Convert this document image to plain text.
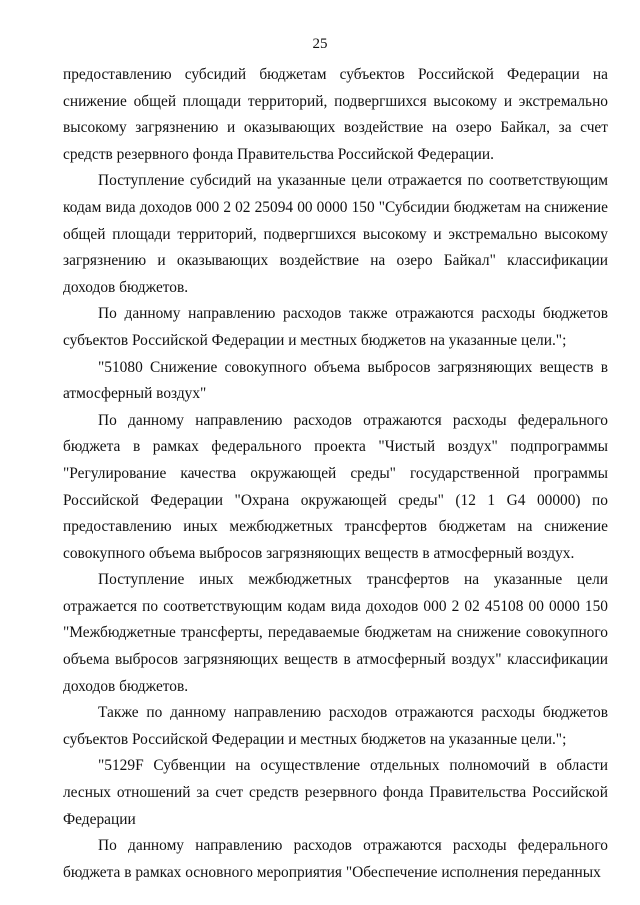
25

предоставлению субсидий бюджетам субъектов Российской Федерации на снижение общей площади территорий, подвергшихся высокому и экстремально высокому загрязнению и оказывающих воздействие на озеро Байкал, за счет средств резервного фонда Правительства Российской Федерации.

Поступление субсидий на указанные цели отражается по соответствующим кодам вида доходов 000 2 02 25094 00 0000 150 "Субсидии бюджетам на снижение общей площади территорий, подвергшихся высокому и экстремально высокому загрязнению и оказывающих воздействие на озеро Байкал" классификации доходов бюджетов.

По данному направлению расходов также отражаются расходы бюджетов субъектов Российской Федерации и местных бюджетов на указанные цели.";

"51080 Снижение совокупного объема выбросов загрязняющих веществ в атмосферный воздух"

По данному направлению расходов отражаются расходы федерального бюджета в рамках федерального проекта "Чистый воздух" подпрограммы "Регулирование качества окружающей среды" государственной программы Российской Федерации "Охрана окружающей среды" (12 1 G4 00000) по предоставлению иных межбюджетных трансфертов бюджетам на снижение совокупного объема выбросов загрязняющих веществ в атмосферный воздух.

Поступление иных межбюджетных трансфертов на указанные цели отражается по соответствующим кодам вида доходов 000 2 02 45108 00 0000 150 "Межбюджетные трансферты, передаваемые бюджетам на снижение совокупного объема выбросов загрязняющих веществ в атмосферный воздух" классификации доходов бюджетов.

Также по данному направлению расходов отражаются расходы бюджетов субъектов Российской Федерации и местных бюджетов на указанные цели.";

"5129F Субвенции на осуществление отдельных полномочий в области лесных отношений за счет средств резервного фонда Правительства Российской Федерации

По данному направлению расходов отражаются расходы федерального бюджета в рамках основного мероприятия "Обеспечение исполнения переданных
